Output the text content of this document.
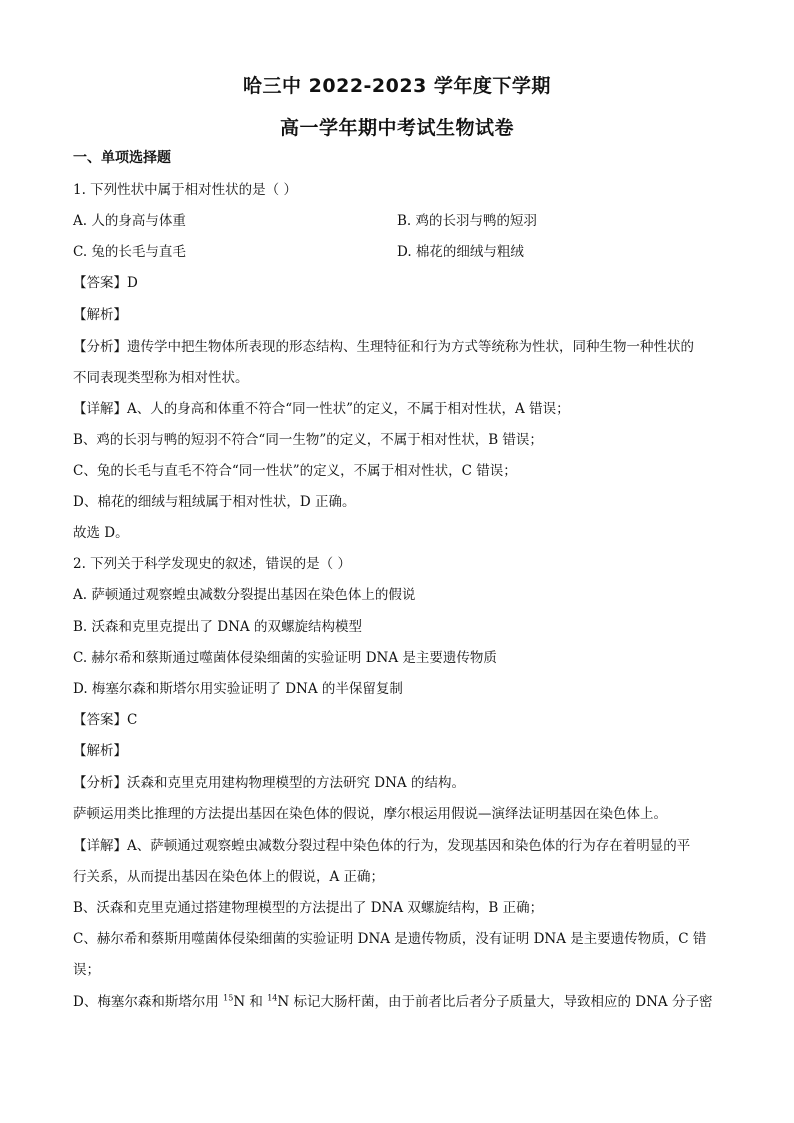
哈三中 2022-2023 学年度下学期
高一学年期中考试生物试卷
一、单项选择题
1. 下列性状中属于相对性状的是（ ）
A. 人的身高与体重	B. 鸡的长羽与鸭的短羽
C. 兔的长毛与直毛	D. 棉花的细绒与粗绒
【答案】D
【解析】
【分析】遗传学中把生物体所表现的形态结构、生理特征和行为方式等统称为性状，同种生物一种性状的
不同表现类型称为相对性状。
【详解】A、人的身高和体重不符合“同一性状”的定义，不属于相对性状，A 错误；
B、鸡的长羽与鸭的短羽不符合“同一生物”的定义，不属于相对性状，B 错误；
C、兔的长毛与直毛不符合“同一性状”的定义，不属于相对性状，C 错误；
D、棉花的细绒与粗绒属于相对性状，D 正确。
故选 D。
2. 下列关于科学发现史的叙述，错误的是（ ）
A. 萨顿通过观察蝗虫减数分裂提出基因在染色体上的假说
B. 沃森和克里克提出了 DNA 的双螺旋结构模型
C. 赫尔希和蔡斯通过噬菌体侵染细菌的实验证明 DNA 是主要遗传物质
D. 梅塞尔森和斯塔尔用实验证明了 DNA 的半保留复制
【答案】C
【解析】
【分析】沃森和克里克用建构物理模型的方法研究 DNA 的结构。
萨顿运用类比推理的方法提出基因在染色体的假说，摩尔根运用假说—演绎法证明基因在染色体上。
【详解】A、萨顿通过观察蝗虫减数分裂过程中染色体的行为，发现基因和染色体的行为存在着明显的平
行关系，从而提出基因在染色体上的假说，A 正确；
B、沃森和克里克通过搭建物理模型的方法提出了 DNA 双螺旋结构，B 正确；
C、赫尔希和蔡斯用噬菌体侵染细菌的实验证明 DNA 是遗传物质，没有证明 DNA 是主要遗传物质，C 错
误；
D、梅塞尔森和斯塔尔用 $^{15}$N 和 $^{14}$N 标记大肠杆菌，由于前者比后者分子质量大，导致相应的 DNA 分子密
